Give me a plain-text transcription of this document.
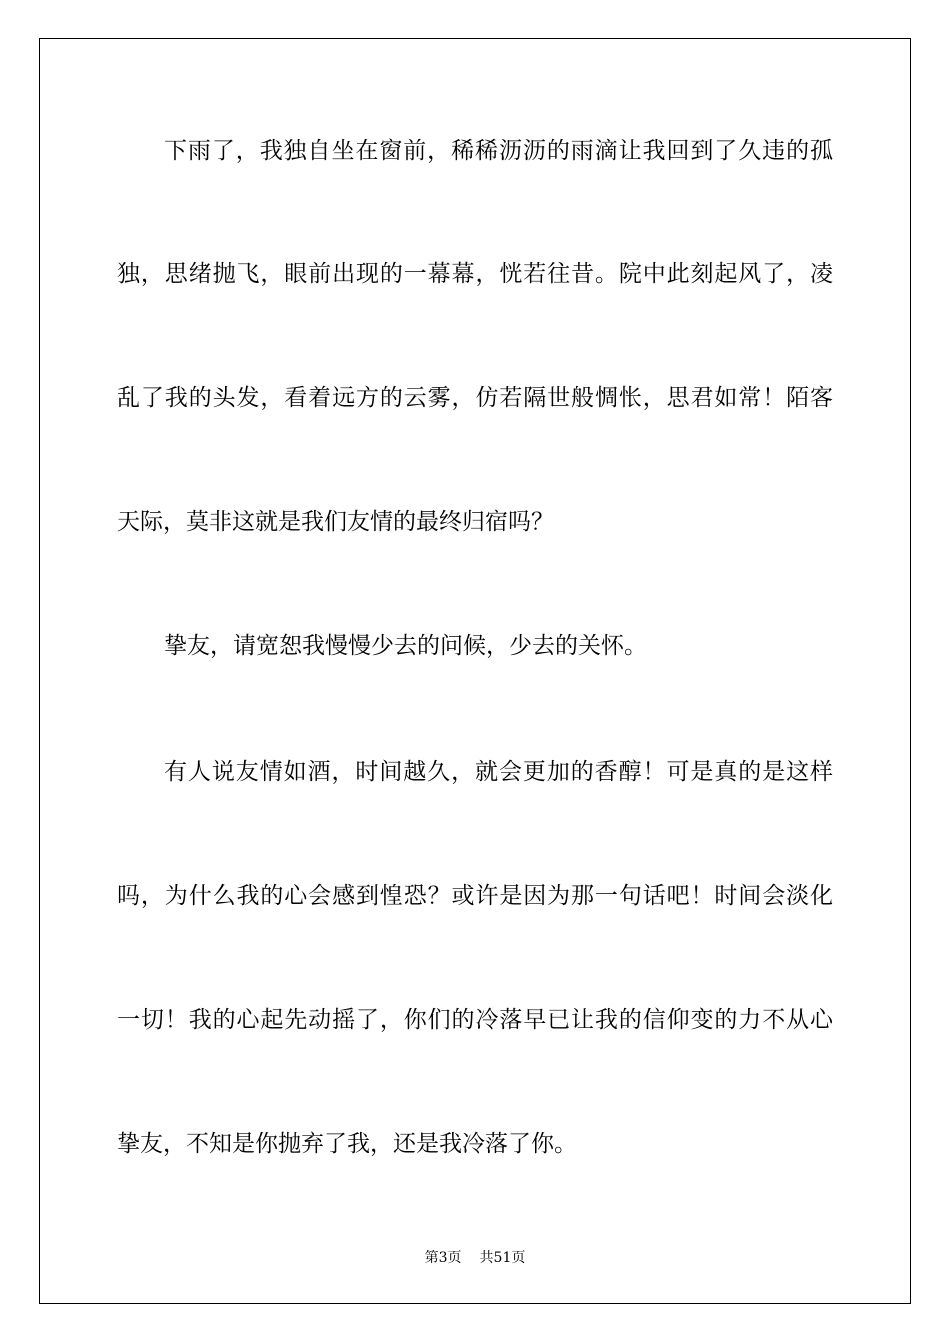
下雨了，我独自坐在窗前，稀稀沥沥的雨滴让我回到了久违的孤
独，思绪抛飞，眼前出现的一幕幕，恍若往昔。院中此刻起风了，凌
乱了我的头发，看着远方的云雾，仿若隔世般惆怅，思君如常！陌客
天际，莫非这就是我们友情的最终归宿吗？
挚友，请宽恕我慢慢少去的问候，少去的关怀。
有人说友情如酒，时间越久，就会更加的香醇！可是真的是这样
吗，为什么我的心会感到惶恐？或许是因为那一句话吧！时间会淡化
一切！我的心起先动摇了，你们的冷落早已让我的信仰变的力不从心
挚友，不知是你抛弃了我，还是我冷落了你。
第3页 共51页
